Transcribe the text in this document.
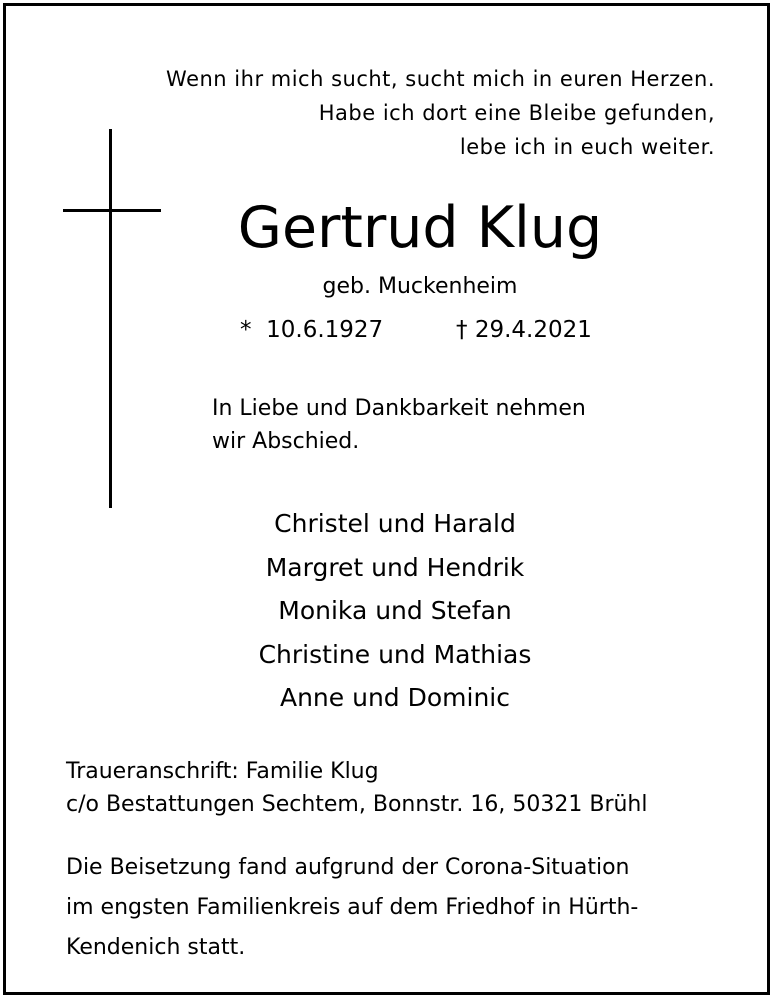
Wenn ihr mich sucht, sucht mich in euren Herzen.
Habe ich dort eine Bleibe gefunden,
lebe ich in euch weiter.
Gertrud Klug
geb. Muckenheim
* 10.6.1927	† 29.4.2021
In Liebe und Dankbarkeit nehmen
wir Abschied.
Christel und Harald
Margret und Hendrik
Monika und Stefan
Christine und Mathias
Anne und Dominic
Traueranschrift: Familie Klug
c/o Bestattungen Sechtem, Bonnstr. 16, 50321 Brühl
Die Beisetzung fand aufgrund der Corona-Situation
im engsten Familienkreis auf dem Friedhof in Hürth-
Kendenich statt.
